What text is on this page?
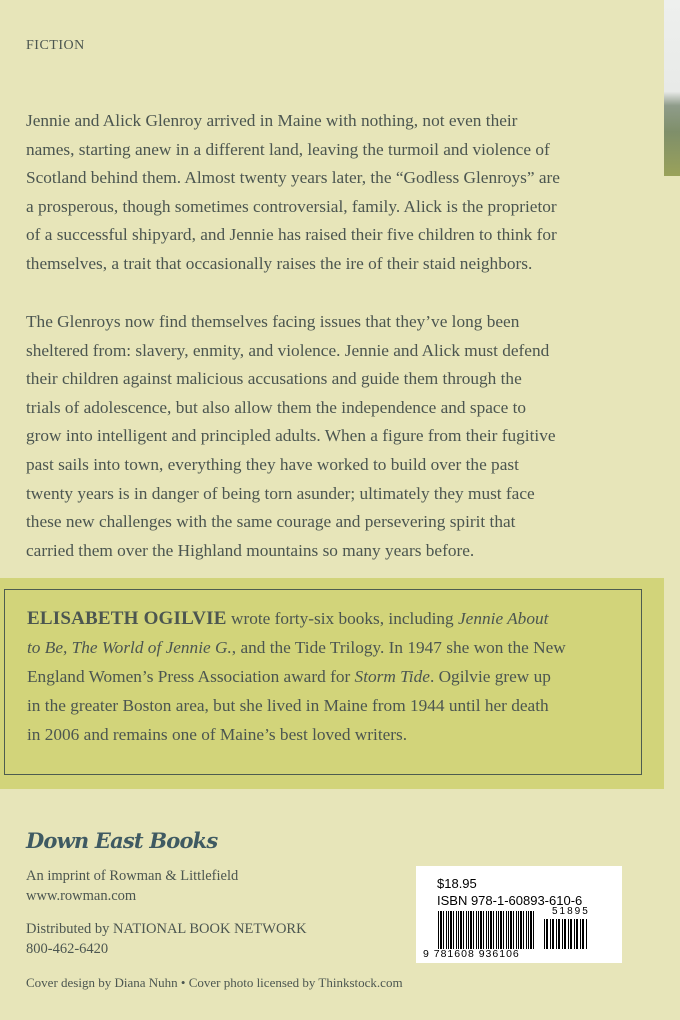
FICTION
Jennie and Alick Glenroy arrived in Maine with nothing, not even their
names, starting anew in a different land, leaving the turmoil and violence of
Scotland behind them. Almost twenty years later, the “Godless Glenroys” are
a prosperous, though sometimes controversial, family. Alick is the proprietor
of a successful shipyard, and Jennie has raised their five children to think for
themselves, a trait that occasionally raises the ire of their staid neighbors.
The Glenroys now find themselves facing issues that they’ve long been
sheltered from: slavery, enmity, and violence. Jennie and Alick must defend
their children against malicious accusations and guide them through the
trials of adolescence, but also allow them the independence and space to
grow into intelligent and principled adults. When a figure from their fugitive
past sails into town, everything they have worked to build over the past
twenty years is in danger of being torn asunder; ultimately they must face
these new challenges with the same courage and persevering spirit that
carried them over the Highland mountains so many years before.
ELISABETH OGILVIE wrote forty-six books, including Jennie About
to Be, The World of Jennie G., and the Tide Trilogy. In 1947 she won the New
England Women’s Press Association award for Storm Tide. Ogilvie grew up
in the greater Boston area, but she lived in Maine from 1944 until her death
in 2006 and remains one of Maine’s best loved writers.
Down East Books
An imprint of Rowman & Littlefield
www.rowman.com
Distributed by NATIONAL BOOK NETWORK
800-462-6420
Cover design by Diana Nuhn • Cover photo licensed by Thinkstock.com
$18.95
ISBN 978-1-60893-610-6
51895
9 781608 936106
